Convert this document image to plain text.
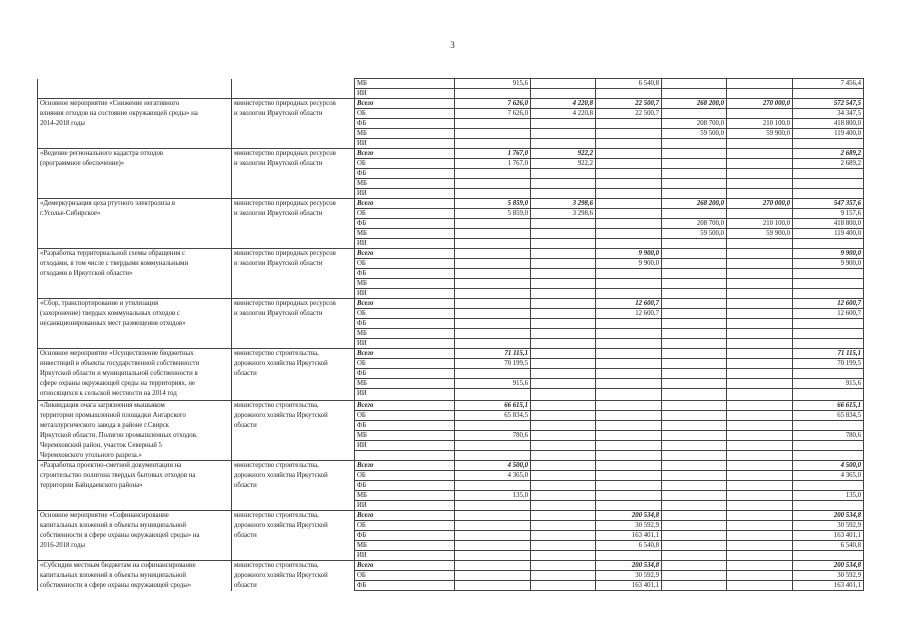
3
		МБ	915,6		6 540,8			7 456,4
		ИИ						
Основное мероприятие «Снижение негативного	министерство природных ресурсов	Всего	7 626,0	4 220,8	22 500,7	268 200,0	270 000,0	572 547,5
влияния отходов на состояние окружающей среды» на	и экологии Иркутской области	ОБ	7 626,0	4 220,8	22 500,7			34 347,5
2014-2018 годы		ФБ				208 700,0	210 100,0	418 800,0
		МБ				59 500,0	59 900,0	119 400,0
		ИИ						
«Ведение регионального кадастра отходов	министерство природных ресурсов	Всего	1 767,0	922,2				2 689,2
(программное обеспечение)»	и экологии Иркутской области	ОБ	1 767,0	922,2				2 689,2
		ФБ						
		МБ						
		ИИ						
«Демеркуризация цеха ртутного электролиза в	министерство природных ресурсов	Всего	5 859,0	3 298,6		268 200,0	270 000,0	547 357,6
г.Усолье-Сибирское»	и экологии Иркутской области	ОБ	5 859,0	3 298,6				9 157,6
		ФБ				208 700,0	210 100,0	418 800,0
		МБ				59 500,0	59 900,0	119 400,0
		ИИ						
«Разработка территориальной схемы обращения с	министерство природных ресурсов	Всего			9 900,0			9 900,0
отходами, в том числе с твердыми коммунальными	и экологии Иркутской области	ОБ			9 900,0			9 900,0
отходами в Иркутской области»		ФБ						
		МБ						
		ИИ						
«Сбор, транспортирование и утилизация	министерство природных ресурсов	Всего			12 600,7			12 600,7
(захоронение) твердых коммунальных отходов с	и экологии Иркутской области	ОБ			12 600,7			12 600,7
несанкционированных мест размещения отходов»		ФБ						
		МБ						
		ИИ						
Основное мероприятие «Осуществление бюджетных	министерство строительства,	Всего	71 115,1					71 115,1
инвестиций в объекты государственной собственности	дорожного хозяйства Иркутской	ОБ	70 199,5					70 199,5
Иркутской области и муниципальной собственности в	области	ФБ						
сфере охраны окружающей среды на территориях, не		МБ	915,6					915,6
относящихся к сельской местности на 2014 год		ИИ						
«Ликвидация очага загрязнения мышьяком	министерство строительства,	Всего	66 615,1					66 615,1
территории промышленной площадки Ангарского	дорожного хозяйства Иркутской	ОБ	65 834,5					65 834,5
металлургического завода в районе г.Свирск	области	ФБ						
Иркутской области. Полигон промышленных отходов.		МБ	780,6					780,6
Черемховский район, участок Северный 5		ИИ						
Черемховского угольного разреза.»								
«Разработка проектно-сметной документации на	министерство строительства,	Всего	4 500,0					4 500,0
строительство полигона твердых бытовых отходов на	дорожного хозяйства Иркутской	ОБ	4 365,0					4 365,0
территории Байндаевского района»	области	ФБ						
		МБ	135,0					135,0
		ИИ						
Основное мероприятие «Софинансирование	министерство строительства,	Всего			200 534,8			200 534,8
капитальных вложений в объекты муниципальной	дорожного хозяйства Иркутской	ОБ			30 592,9			30 592,9
собственности в сфере охраны окружающей среды» на	области	ФБ			163 401,1			163 401,1
2016-2018 годы		МБ			6 540,8			6 540,8
		ИИ						
«Субсидии местным бюджетам на софинансирование	министерство строительства,	Всего			200 534,8			200 534,8
капитальных вложений в объекты муниципальной	дорожного хозяйства Иркутской	ОБ			30 592,9			30 592,9
собственности в сфере охраны окружающей среды»	области	ФБ			163 401,1			163 401,1
